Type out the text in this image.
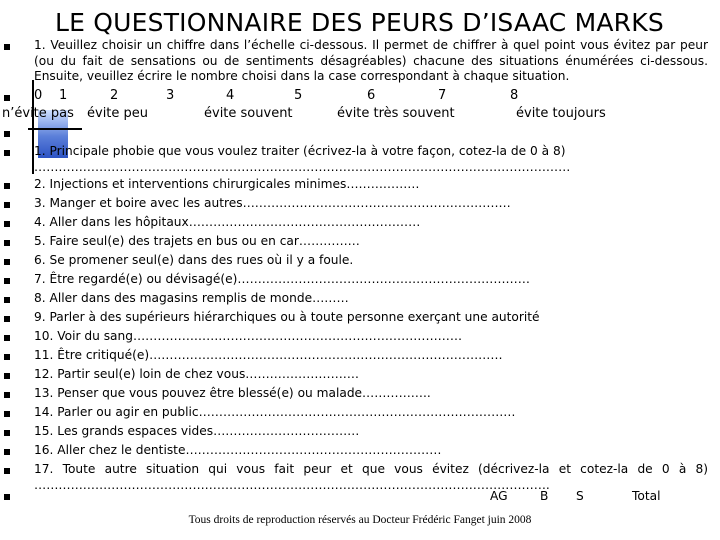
LE QUESTIONNAIRE DES PEURS D’ISAAC MARKS
1. Veuillez choisir un chiffre dans l’échelle ci-dessous. Il permet de chiffrer à quel point vous évitez par peur
(ou du fait de sensations ou de sentiments désagréables) chacune des situations énumérées ci-dessous.
Ensuite, veuillez écrire le nombre choisi dans la case correspondant à chaque situation.
0 1	2	3	4	5	6	7	8
n’évite pas évite peu	évite souvent	évite très souvent	évite toujours
1. Principale phobie que vous voulez traiter (écrivez-la à votre façon, cotez-la de 0 à 8)
……………………………………………………………………………………………………………………
2. Injections et interventions chirurgicales minimes………………
3. Manger et boire avec les autres…………………………………………………………
4. Aller dans les hôpitaux…………………………………………………
5. Faire seul(e) des trajets en bus ou en car……………
6. Se promener seul(e) dans des rues où il y a foule.
7. Être regardé(e) ou dévisagé(e)………………………………………………………………
8. Aller dans des magasins remplis de monde………
9. Parler à des supérieurs hiérarchiques ou à toute personne exerçant une autorité
10. Voir du sang………………………………………………………………………
11. Être critiqué(e)……………………………………………………………………………
12. Partir seul(e) loin de chez vous……………………….
13. Penser que vous pouvez être blessé(e) ou malade……………..
14. Parler ou agir en public……………………………………………………………………
15. Les grands espaces vides………………………………
16. Aller chez le dentiste………………………………………………………
17. Toute autre situation qui vous fait peur et que vous évitez (décrivez-la et cotez-la de 0 à 8)
……………………………………………………………………………………………………………….
AG	B S	Total
Tous droits de reproduction réservés au Docteur Frédéric Fanget juin 2008
